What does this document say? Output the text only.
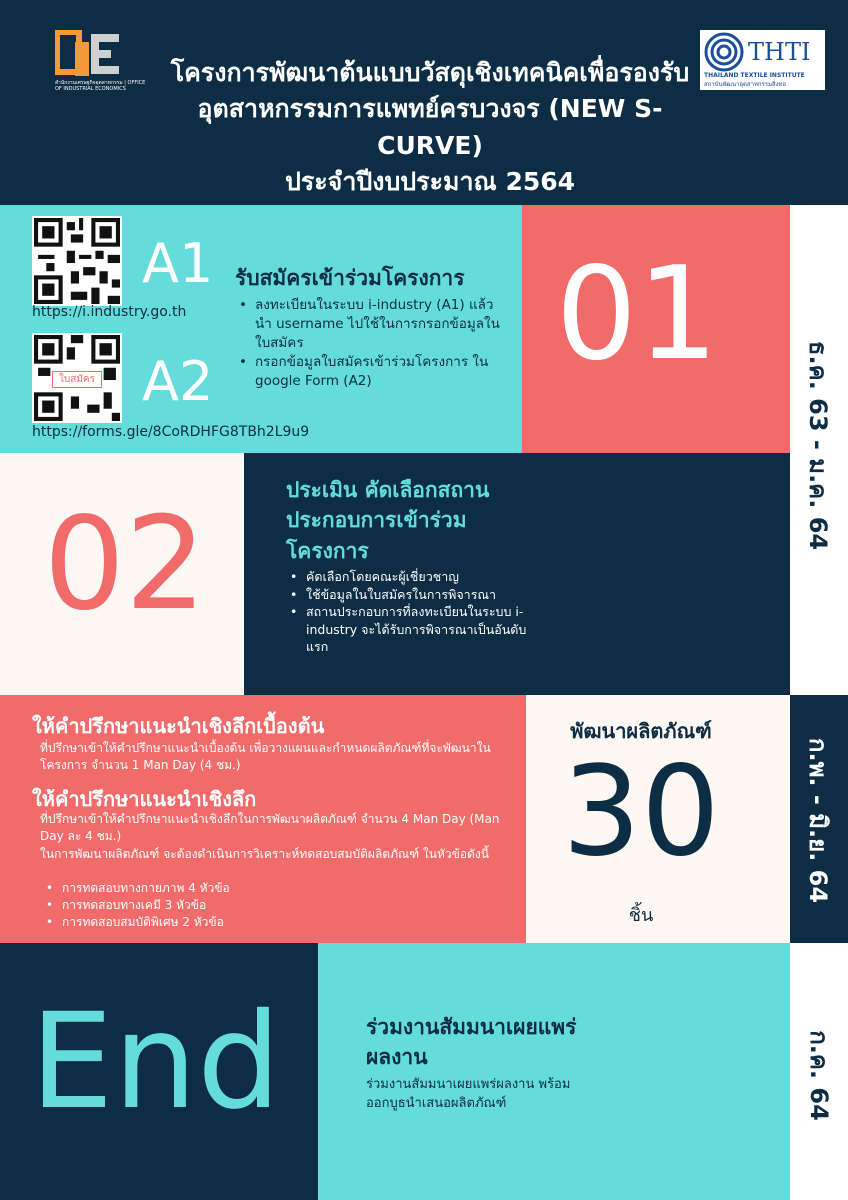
สำนักงานเศรษฐกิจอุตสาหกรรม | OFFICE OF INDUSTRIAL ECONOMICS
THTI
THAILAND TEXTILE INSTITUTE
สถาบันพัฒนาอุตสาหกรรมสิ่งทอ
โครงการพัฒนาต้นแบบวัสดุเชิงเทคนิคเพื่อรองรับ
อุตสาหกรรมการแพทย์ครบวงจร (NEW S-CURVE)
ประจำปีงบประมาณ 2564
A1
https://i.industry.go.th
ใบสมัคร A2
https://forms.gle/8CoRDHFG8TBh2L9u9
รับสมัครเข้าร่วมโครงการ
• ลงทะเบียนในระบบ i-industry (A1) แล้วนำ username ไปใช้ในการกรอกข้อมูลในใบสมัคร
• กรอกข้อมูลใบสมัครเข้าร่วมโครงการ ใน google Form (A2)	01
ธ.ค. 63 - ม.ค. 64
02	ประเมิน คัดเลือกสถานประกอบการเข้าร่วมโครงการ
• คัดเลือกโดยคณะผู้เชี่ยวชาญ
• ใช้ข้อมูลในใบสมัครในการพิจารณา
• สถานประกอบการที่ลงทะเบียนในระบบ i-industry จะได้รับการพิจารณาเป็นอันดับแรก
ให้คำปรึกษาแนะนำเชิงลึกเบื้องต้น
ที่ปรึกษาเข้าให้คำปรึกษาแนะนำเบื้องต้น เพื่อวางแผนและกำหนดผลิตภัณฑ์ที่จะพัฒนาในโครงการ จำนวน 1 Man Day (4 ชม.)
ให้คำปรึกษาแนะนำเชิงลึก
ที่ปรึกษาเข้าให้คำปรึกษาแนะนำเชิงลึกในการพัฒนาผลิตภัณฑ์ จำนวน 4 Man Day (Man Day ละ 4 ชม.)
ในการพัฒนาผลิตภัณฑ์ จะต้องดำเนินการวิเคราะห์ทดสอบสมบัติผลิตภัณฑ์ ในหัวข้อดังนี้
• การทดสอบทางกายภาพ 4 หัวข้อ
• การทดสอบทางเคมี 3 หัวข้อ
• การทดสอบสมบัติพิเศษ 2 หัวข้อ
พัฒนาผลิตภัณฑ์
30
ชิ้น
ก.พ. - มิ.ย. 64
End	ร่วมงานสัมมนาเผยแพร่ผลงาน
ร่วมงานสัมมนาเผยแพร่ผลงาน พร้อมออกบูธนำเสนอผลิตภัณฑ์	ก.ค. 64
